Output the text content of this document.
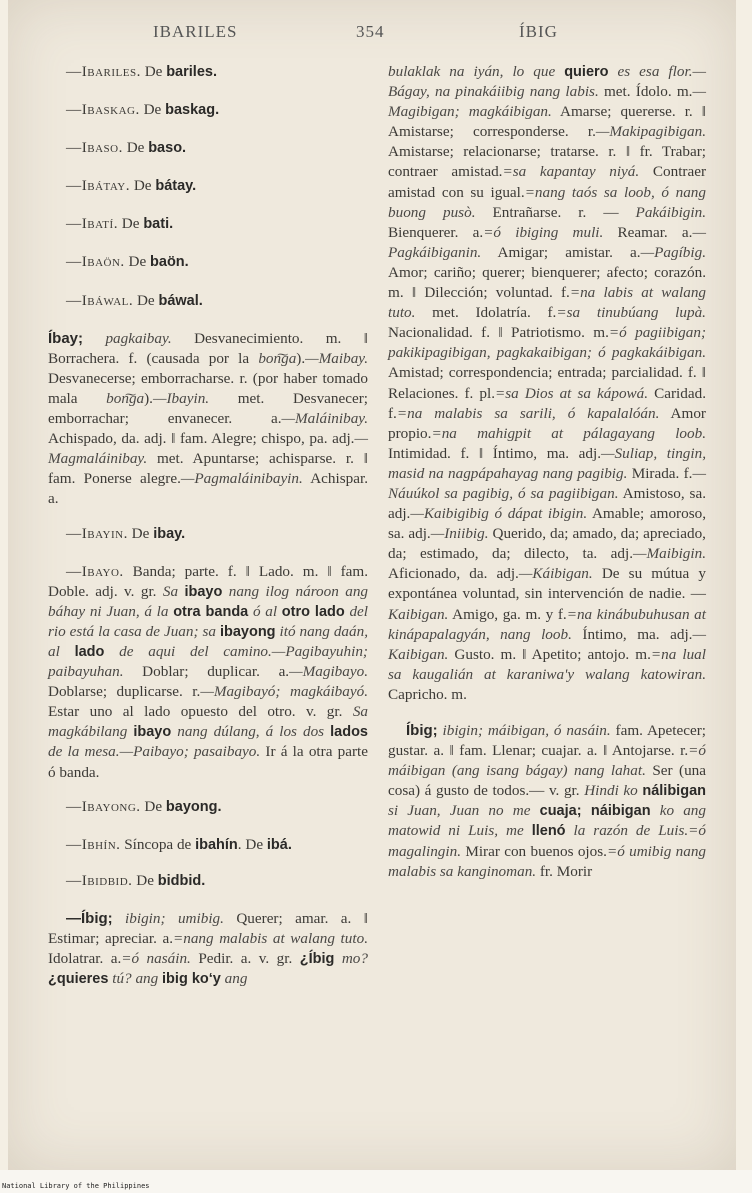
IBARILES	354	ÍBIG
—Ibariles. De bariles.
—Ibaskag. De baskag.
—Ibaso. De baso.
—Ibátay. De bátay.
—Ibatí. De bati.
—Ibaön. De baön.
—Ibáwal. De báwal.

Íbay; pagkaibay. Desvanecimiento. m. ‖ Borrachera. f. (causada por la bon͠ga).—Maibay. Desvanecerse; emborracharse. r. (por haber tomado mala bon͠ga).—Ibayin. met. Desvanecer; emborrachar; envanecer. a.—Maláinibay. Achispado, da. adj. ‖ fam. Alegre; chispo, pa. adj.—Magmaláinibay. met. Apuntarse; achisparse. r. ‖ fam. Ponerse alegre.—Pagmaláinibayin. Achispar. a.

—Ibayin. De ibay.

—Ibayo. Banda; parte. f. ‖ Lado. m. ‖ fam. Doble. adj. v. gr. Sa ibayo nang ilog nároon ang báhay ni Juan, á la otra banda ó al otro lado del rio está la casa de Juan; sa ibayong itó nang daán, al lado de aqui del camino.—Pagibayuhin; paibayuhan. Doblar; duplicar. a.—Magibayo. Doblarse; duplicarse. r.—Magibayó; magkáibayó. Estar uno al lado opuesto del otro. v. gr. Sa magkábilang ibayo nang dúlang, á los dos lados de la mesa.—Paibayo; pasaibayo. Ir á la otra parte ó banda.

—Ibayong. De bayong.

—Ibhín. Síncopa de ibahín. De ibá.

—Ibidbid. De bidbid.

—Íbig; ibigin; umibig. Querer; amar. a. ‖ Estimar; apreciar. a.=nang malabis at walang tuto. Idolatrar. a.=ó nasáin. Pedir. a. v. gr. ¿Íbig mo? ¿quieres tú? ang ibig ko‘y ang

bulaklak na iyán, lo que quiero es esa flor.—Bágay, na pinakáiibig nang labis. met. Ídolo. m.—Magibigan; magkáibigan. Amarse; quererse. r. ‖ Amistarse; corresponderse. r.—Makipagibigan. Amistarse; relacionarse; tratarse. r. ‖ fr. Trabar; contraer amistad.=sa kapantay niyá. Contraer amistad con su igual.=nang taós sa loob, ó nang buong pusò. Entrañarse. r. — Pakáibigin. Bienquerer. a.=ó ibiging muli. Reamar. a.—Pagkáibiganin. Amigar; amistar. a.—Pagíbig. Amor; cariño; querer; bienquerer; afecto; corazón. m. ‖ Dilección; voluntad. f.=na labis at walang tuto. met. Idolatría. f.=sa tinubúang lupà. Nacionalidad. f. ‖ Patriotismo. m.=ó pagiibigan; pakikipagibigan, pagkakaibigan; ó pagkakáibigan. Amistad; correspondencia; entrada; parcialidad. f. ‖ Relaciones. f. pl.=sa Dios at sa kápowá. Caridad. f.=na malabis sa sarili, ó kapalalóán. Amor propio.=na mahigpit at pálagayang loob. Intimidad. f. ‖ Íntimo, ma. adj.—Suliap, tingin, masid na nagpápahayag nang pagibig. Mirada. f.—Náuúkol sa pagibig, ó sa pagiibigan. Amistoso, sa. adj.—Kaibigibig ó dápat ibigin. Amable; amoroso, sa. adj.—Iniibig. Querido, da; amado, da; apreciado, da; estimado, da; dilecto, ta. adj.—Maibigin. Aficionado, da. adj.—Káibigan. De su mútua y expontánea voluntad, sin intervención de nadie. — Kaibigan. Amigo, ga. m. y f.=na kinábubuhusan at kinápapalagyán, nang loob. Íntimo, ma. adj.—Kaibigan. Gusto. m. ‖ Apetito; antojo. m.=na lual sa kaugalián at karaniwa'y walang katowiran. Capricho. m.

Íbig; ibigin; máibigan, ó nasáin. fam. Apetecer; gustar. a. ‖ fam. Llenar; cuajar. a. ‖ Antojarse. r.=ó máibigan (ang isang bágay) nang lahat. Ser (una cosa) á gusto de todos.— v. gr. Hindi ko nálibigan si Juan, Juan no me cuaja; náibigan ko ang matowid ni Luis, me llenó la razón de Luis.=ó magalingin. Mirar con buenos ojos.=ó umibig nang malabis sa kanginoman. fr. Morir

National Library of the Philippines
